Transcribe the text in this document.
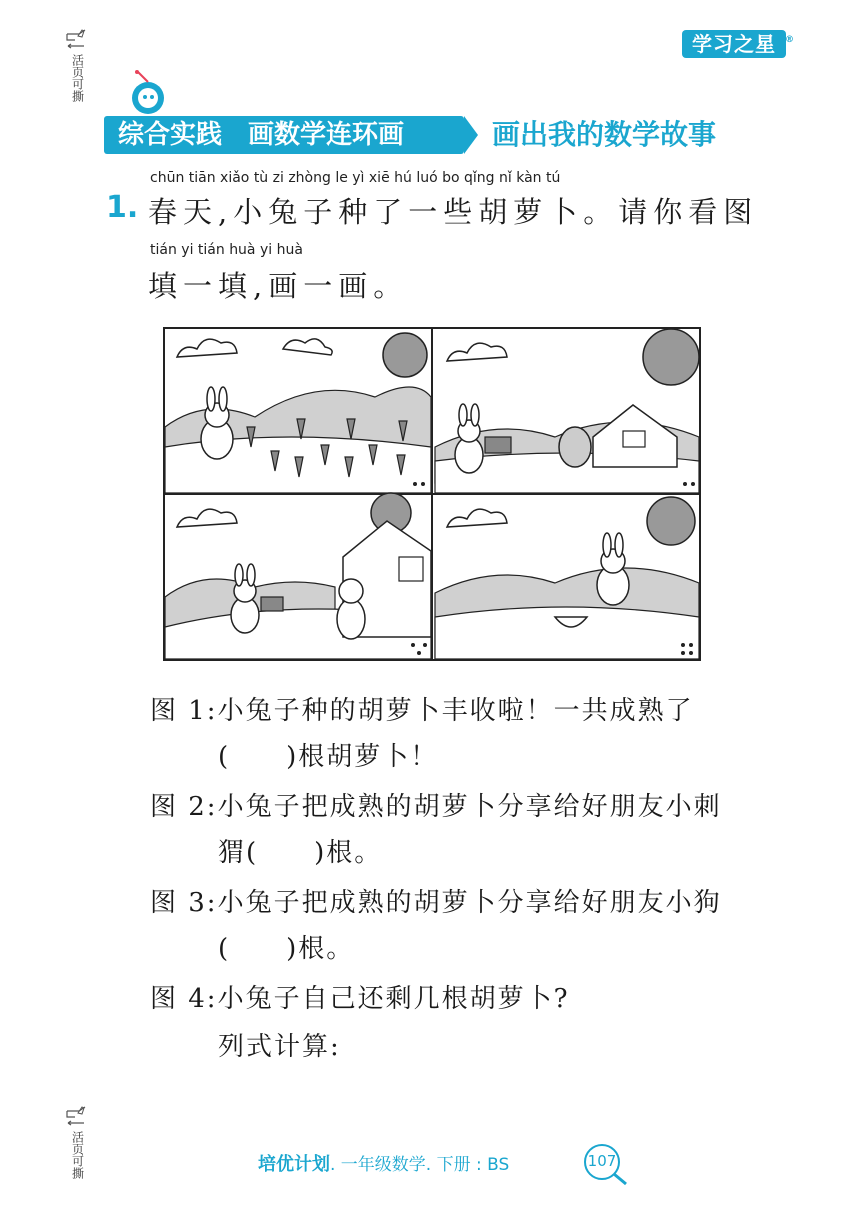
活页可撕
活页可撕
学习之星 ®
综合实践　画数学连环画	画出我的数学故事
chūn tiān xiǎo tù zi zhòng le yì xiē hú luó bo qǐng nǐ kàn tú
1. 春天,小兔子种了一些胡萝卜。请你看图
tián yi tián huà yi huà
填一填,画一画。
图 1:小兔子种的胡萝卜丰收啦！一共成熟了
(　　)根胡萝卜！
图 2:小兔子把成熟的胡萝卜分享给好朋友小刺
猬(　　)根。
图 3:小兔子把成熟的胡萝卜分享给好朋友小狗
(　　)根。
图 4:小兔子自己还剩几根胡萝卜?
列式计算:
培优计划. 一年级数学. 下册 : BS	107
